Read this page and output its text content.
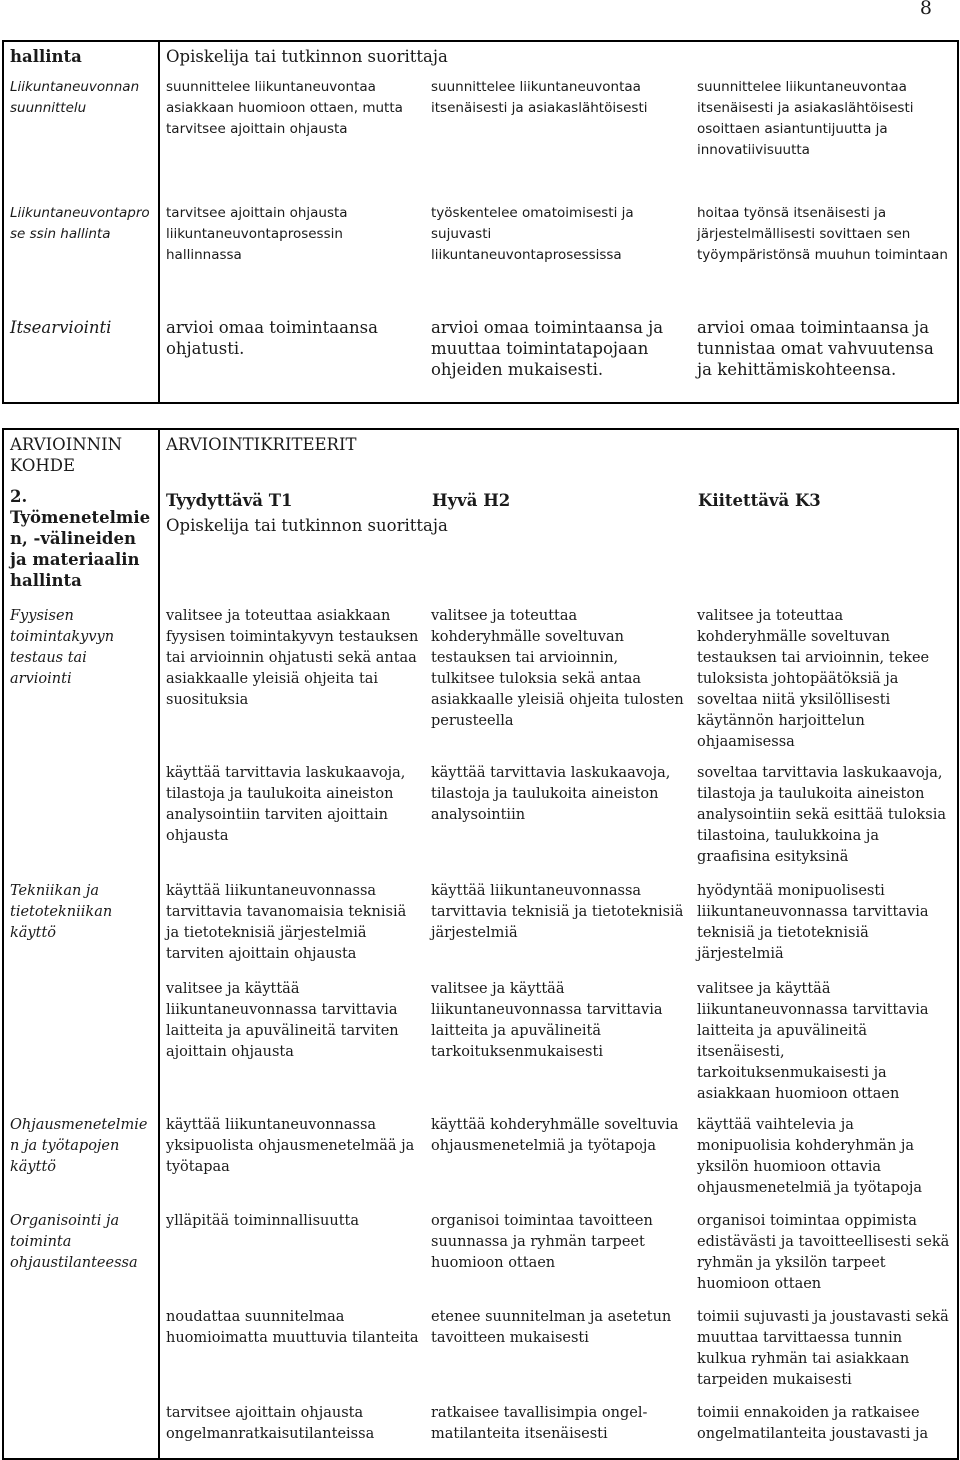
8
hallinta	Opiskelija tai tutkinnon suorittaja		
Liikuntaneuvonnan suunnittelu	suunnittelee liikuntaneuvontaa asiakkaan huomioon ottaen, mutta tarvitsee ajoittain ohjausta	suunnittelee liikuntaneuvontaa itsenäisesti ja asiakaslähtöisesti	suunnittelee liikuntaneuvontaa itsenäisesti ja asiakaslähtöisesti osoittaen asiantuntijuutta ja innovatiivisuutta
Liikuntaneuvontaprose ssin hallinta	tarvitsee ajoittain ohjausta liikuntaneuvontaprosessin hallinnassa	työskentelee omatoimisesti ja sujuvasti liikuntaneuvontaprosessissa	hoitaa työnsä itsenäisesti ja järjestelmällisesti sovittaen sen työympäristönsä muuhun toimintaan
Itsearviointi	arvioi omaa toimintaansa ohjatusti.	arvioi omaa toimintaansa ja muuttaa toimintatapojaan ohjeiden mukaisesti.	arvioi omaa toimintaansa ja tunnistaa omat vahvuutensa ja kehittämiskohteensa.
ARVIOINNIN KOHDE	ARVIOINTIKRITEERIT		
2. Työmenetelmien, -välineiden ja materiaalin hallinta	Tyydyttävä T1 Hyvä H2 Kiitettävä K3
Opiskelija tai tutkinnon suorittaja		

Fyysisen toimintakyvyn testaus tai arviointi	valitsee ja toteuttaa asiakkaan fyysisen toimintakyvyn testauksen tai arvioinnin ohjatusti sekä antaa asiakkaalle yleisiä ohjeita tai suosituksia	valitsee ja toteuttaa kohderyhmälle soveltuvan testauksen tai arvioinnin, tulkitsee tuloksia sekä antaa asiakkaalle yleisiä ohjeita tulosten perusteella	valitsee ja toteuttaa kohderyhmälle soveltuvan testauksen tai arvioinnin, tekee tuloksista johtopäätöksiä ja soveltaa niitä yksilöllisesti käytännön harjoittelun ohjaamisessa
	käyttää tarvittavia laskukaavoja, tilastoja ja taulukoita aineiston analysointiin tarviten ajoittain ohjausta	käyttää tarvittavia laskukaavoja, tilastoja ja taulukoita aineiston analysointiin	soveltaa tarvittavia laskukaavoja, tilastoja ja taulukoita aineiston analysointiin sekä esittää tuloksia tilastoina, taulukkoina ja graafisina esityksinä
Tekniikan ja tietotekniikan käyttö	käyttää liikuntaneuvonnassa tarvittavia tavanomaisia teknisiä ja tietoteknisiä järjestelmiä tarviten ajoittain ohjausta	käyttää liikuntaneuvonnassa tarvittavia teknisiä ja tietoteknisiä järjestelmiä	hyödyntää monipuolisesti liikuntaneuvonnassa tarvittavia teknisiä ja tietoteknisiä järjestelmiä
	valitsee ja käyttää liikuntaneuvonnassa tarvittavia laitteita ja apuvälineitä tarviten ajoittain ohjausta	valitsee ja käyttää liikuntaneuvonnassa tarvittavia laitteita ja apuvälineitä tarkoituksenmukaisesti	valitsee ja käyttää liikuntaneuvonnassa tarvittavia laitteita ja apuvälineitä itsenäisesti, tarkoituksenmukaisesti ja asiakkaan huomioon ottaen
Ohjausmenetelmien ja työtapojen käyttö	käyttää liikuntaneuvonnassa yksipuolista ohjausmenetelmää ja työtapaa	käyttää kohderyhmälle soveltuvia ohjausmenetelmiä ja työtapoja	käyttää vaihtelevia ja monipuolisia kohderyhmän ja yksilön huomioon ottavia ohjausmenetelmiä ja työtapoja
Organisointi ja toiminta ohjaustilanteessa	ylläpitää toiminnallisuutta	organisoi toimintaa tavoitteen suunnassa ja ryhmän tarpeet huomioon ottaen	organisoi toimintaa oppimista edistävästi ja tavoitteellisesti sekä ryhmän ja yksilön tarpeet huomioon ottaen
	noudattaa suunnitelmaa huomioimatta muuttuvia tilanteita	etenee suunnitelman ja asetetun tavoitteen mukaisesti	toimii sujuvasti ja joustavasti sekä muuttaa tarvittaessa tunnin kulkua ryhmän tai asiakkaan tarpeiden mukaisesti
	tarvitsee ajoittain ohjausta ongelmanratkaisutilanteissa	ratkaisee tavallisimpia ongel-matilanteita itsenäisesti	toimii ennakoiden ja ratkaisee ongelmatilanteita joustavasti ja
